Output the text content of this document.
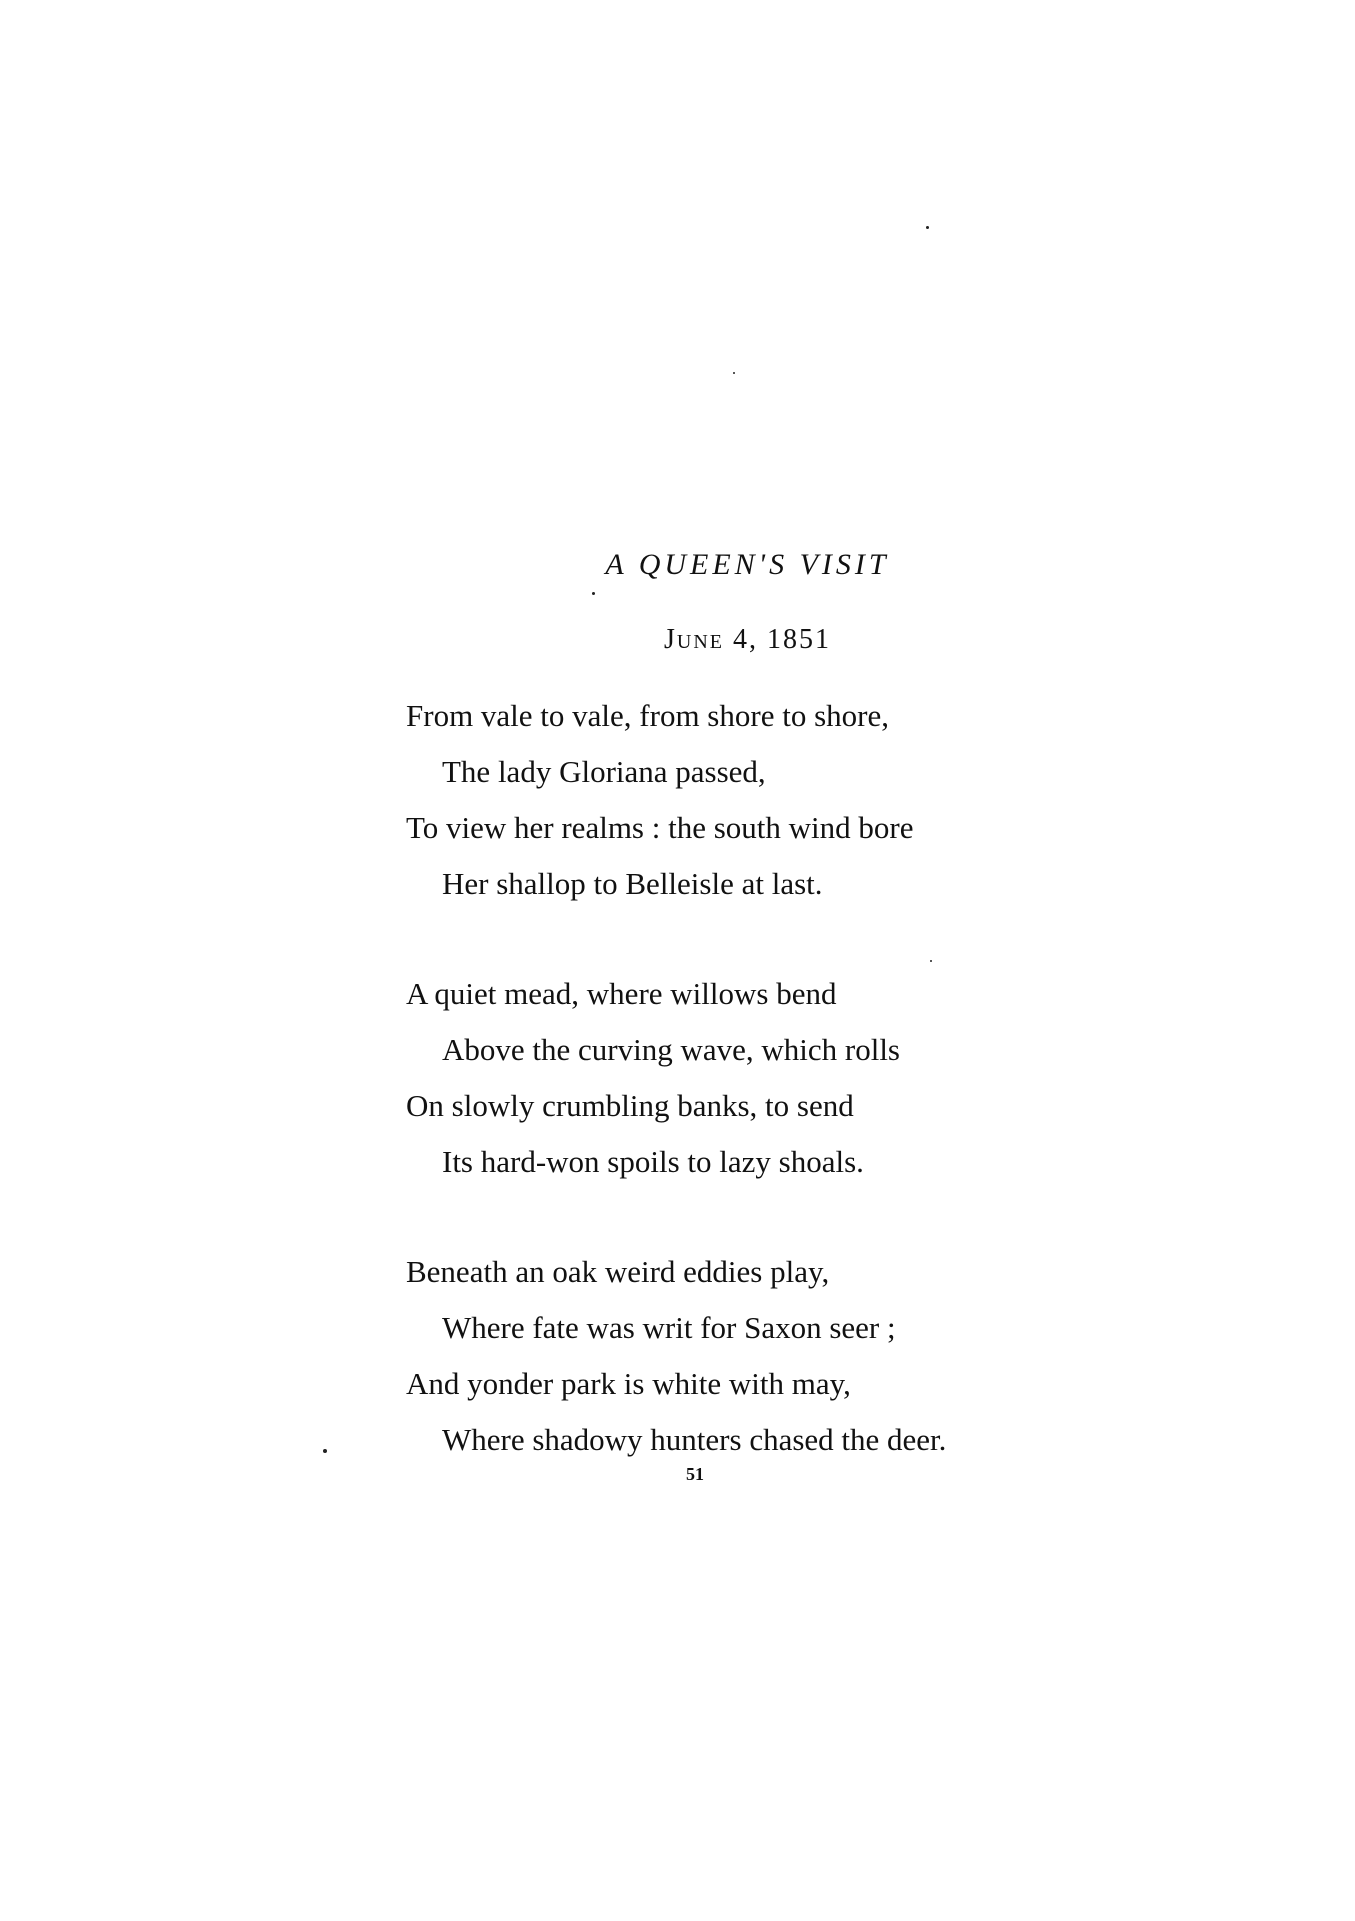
A QUEEN'S VISIT
June 4, 1851
From vale to vale, from shore to shore,
The lady Gloriana passed,
To view her realms : the south wind bore
Her shallop to Belleisle at last.
A quiet mead, where willows bend
Above the curving wave, which rolls
On slowly crumbling banks, to send
Its hard-won spoils to lazy shoals.
Beneath an oak weird eddies play,
Where fate was writ for Saxon seer ;
And yonder park is white with may,
Where shadowy hunters chased the deer.
51
